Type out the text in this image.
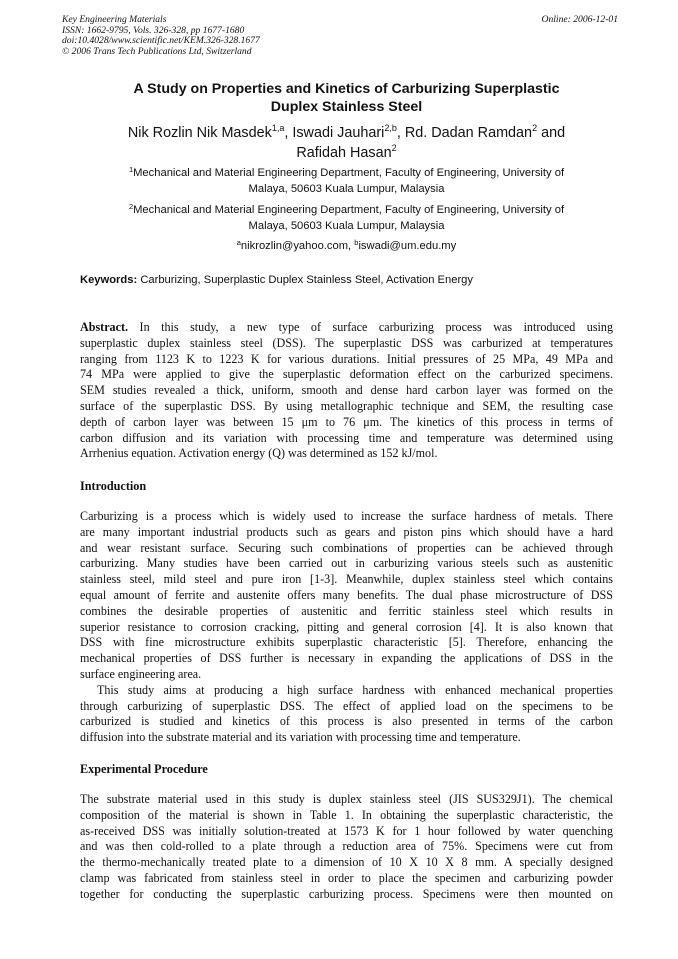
Key Engineering Materials
ISSN: 1662-9795, Vols. 326-328, pp 1677-1680
doi:10.4028/www.scientific.net/KEM.326-328.1677
© 2006 Trans Tech Publications Ltd, Switzerland
Online: 2006-12-01
A Study on Properties and Kinetics of Carburizing Superplastic
Duplex Stainless Steel
Nik Rozlin Nik Masdek$^{1,a}$, Iswadi Jauhari$^{2,b}$, Rd. Dadan Ramdan$^2$ and
Rafidah Hasan$^2$
$^1$Mechanical and Material Engineering Department, Faculty of Engineering, University of
Malaya, 50603 Kuala Lumpur, Malaysia
$^2$Mechanical and Material Engineering Department, Faculty of Engineering, University of
Malaya, 50603 Kuala Lumpur, Malaysia
$^a$nikrozlin@yahoo.com, $^b$iswadi@um.edu.my
Keywords: Carburizing, Superplastic Duplex Stainless Steel, Activation Energy
Abstract. In this study, a new type of surface carburizing process was introduced using
superplastic duplex stainless steel (DSS). The superplastic DSS was carburized at temperatures
ranging from 1123 K to 1223 K for various durations. Initial pressures of 25 MPa, 49 MPa and
74 MPa were applied to give the superplastic deformation effect on the carburized specimens.
SEM studies revealed a thick, uniform, smooth and dense hard carbon layer was formed on the
surface of the superplastic DSS. By using metallographic technique and SEM, the resulting case
depth of carbon layer was between 15 μm to 76 μm. The kinetics of this process in terms of
carbon diffusion and its variation with processing time and temperature was determined using
Arrhenius equation. Activation energy (Q) was determined as 152 kJ/mol.
Introduction
Carburizing is a process which is widely used to increase the surface hardness of metals. There
are many important industrial products such as gears and piston pins which should have a hard
and wear resistant surface. Securing such combinations of properties can be achieved through
carburizing. Many studies have been carried out in carburizing various steels such as austenitic
stainless steel, mild steel and pure iron [1-3]. Meanwhile, duplex stainless steel which contains
equal amount of ferrite and austenite offers many benefits. The dual phase microstructure of DSS
combines the desirable properties of austenitic and ferritic stainless steel which results in
superior resistance to corrosion cracking, pitting and general corrosion [4]. It is also known that
DSS with fine microstructure exhibits superplastic characteristic [5]. Therefore, enhancing the
mechanical properties of DSS further is necessary in expanding the applications of DSS in the
surface engineering area.
This study aims at producing a high surface hardness with enhanced mechanical properties
through carburizing of superplastic DSS. The effect of applied load on the specimens to be
carburized is studied and kinetics of this process is also presented in terms of the carbon
diffusion into the substrate material and its variation with processing time and temperature.
Experimental Procedure
The substrate material used in this study is duplex stainless steel (JIS SUS329J1). The chemical
composition of the material is shown in Table 1. In obtaining the superplastic characteristic, the
as-received DSS was initially solution-treated at 1573 K for 1 hour followed by water quenching
and was then cold-rolled to a plate through a reduction area of 75%. Specimens were cut from
the thermo-mechanically treated plate to a dimension of 10 X 10 X 8 mm. A specially designed
clamp was fabricated from stainless steel in order to place the specimen and carburizing powder
together for conducting the superplastic carburizing process. Specimens were then mounted on
